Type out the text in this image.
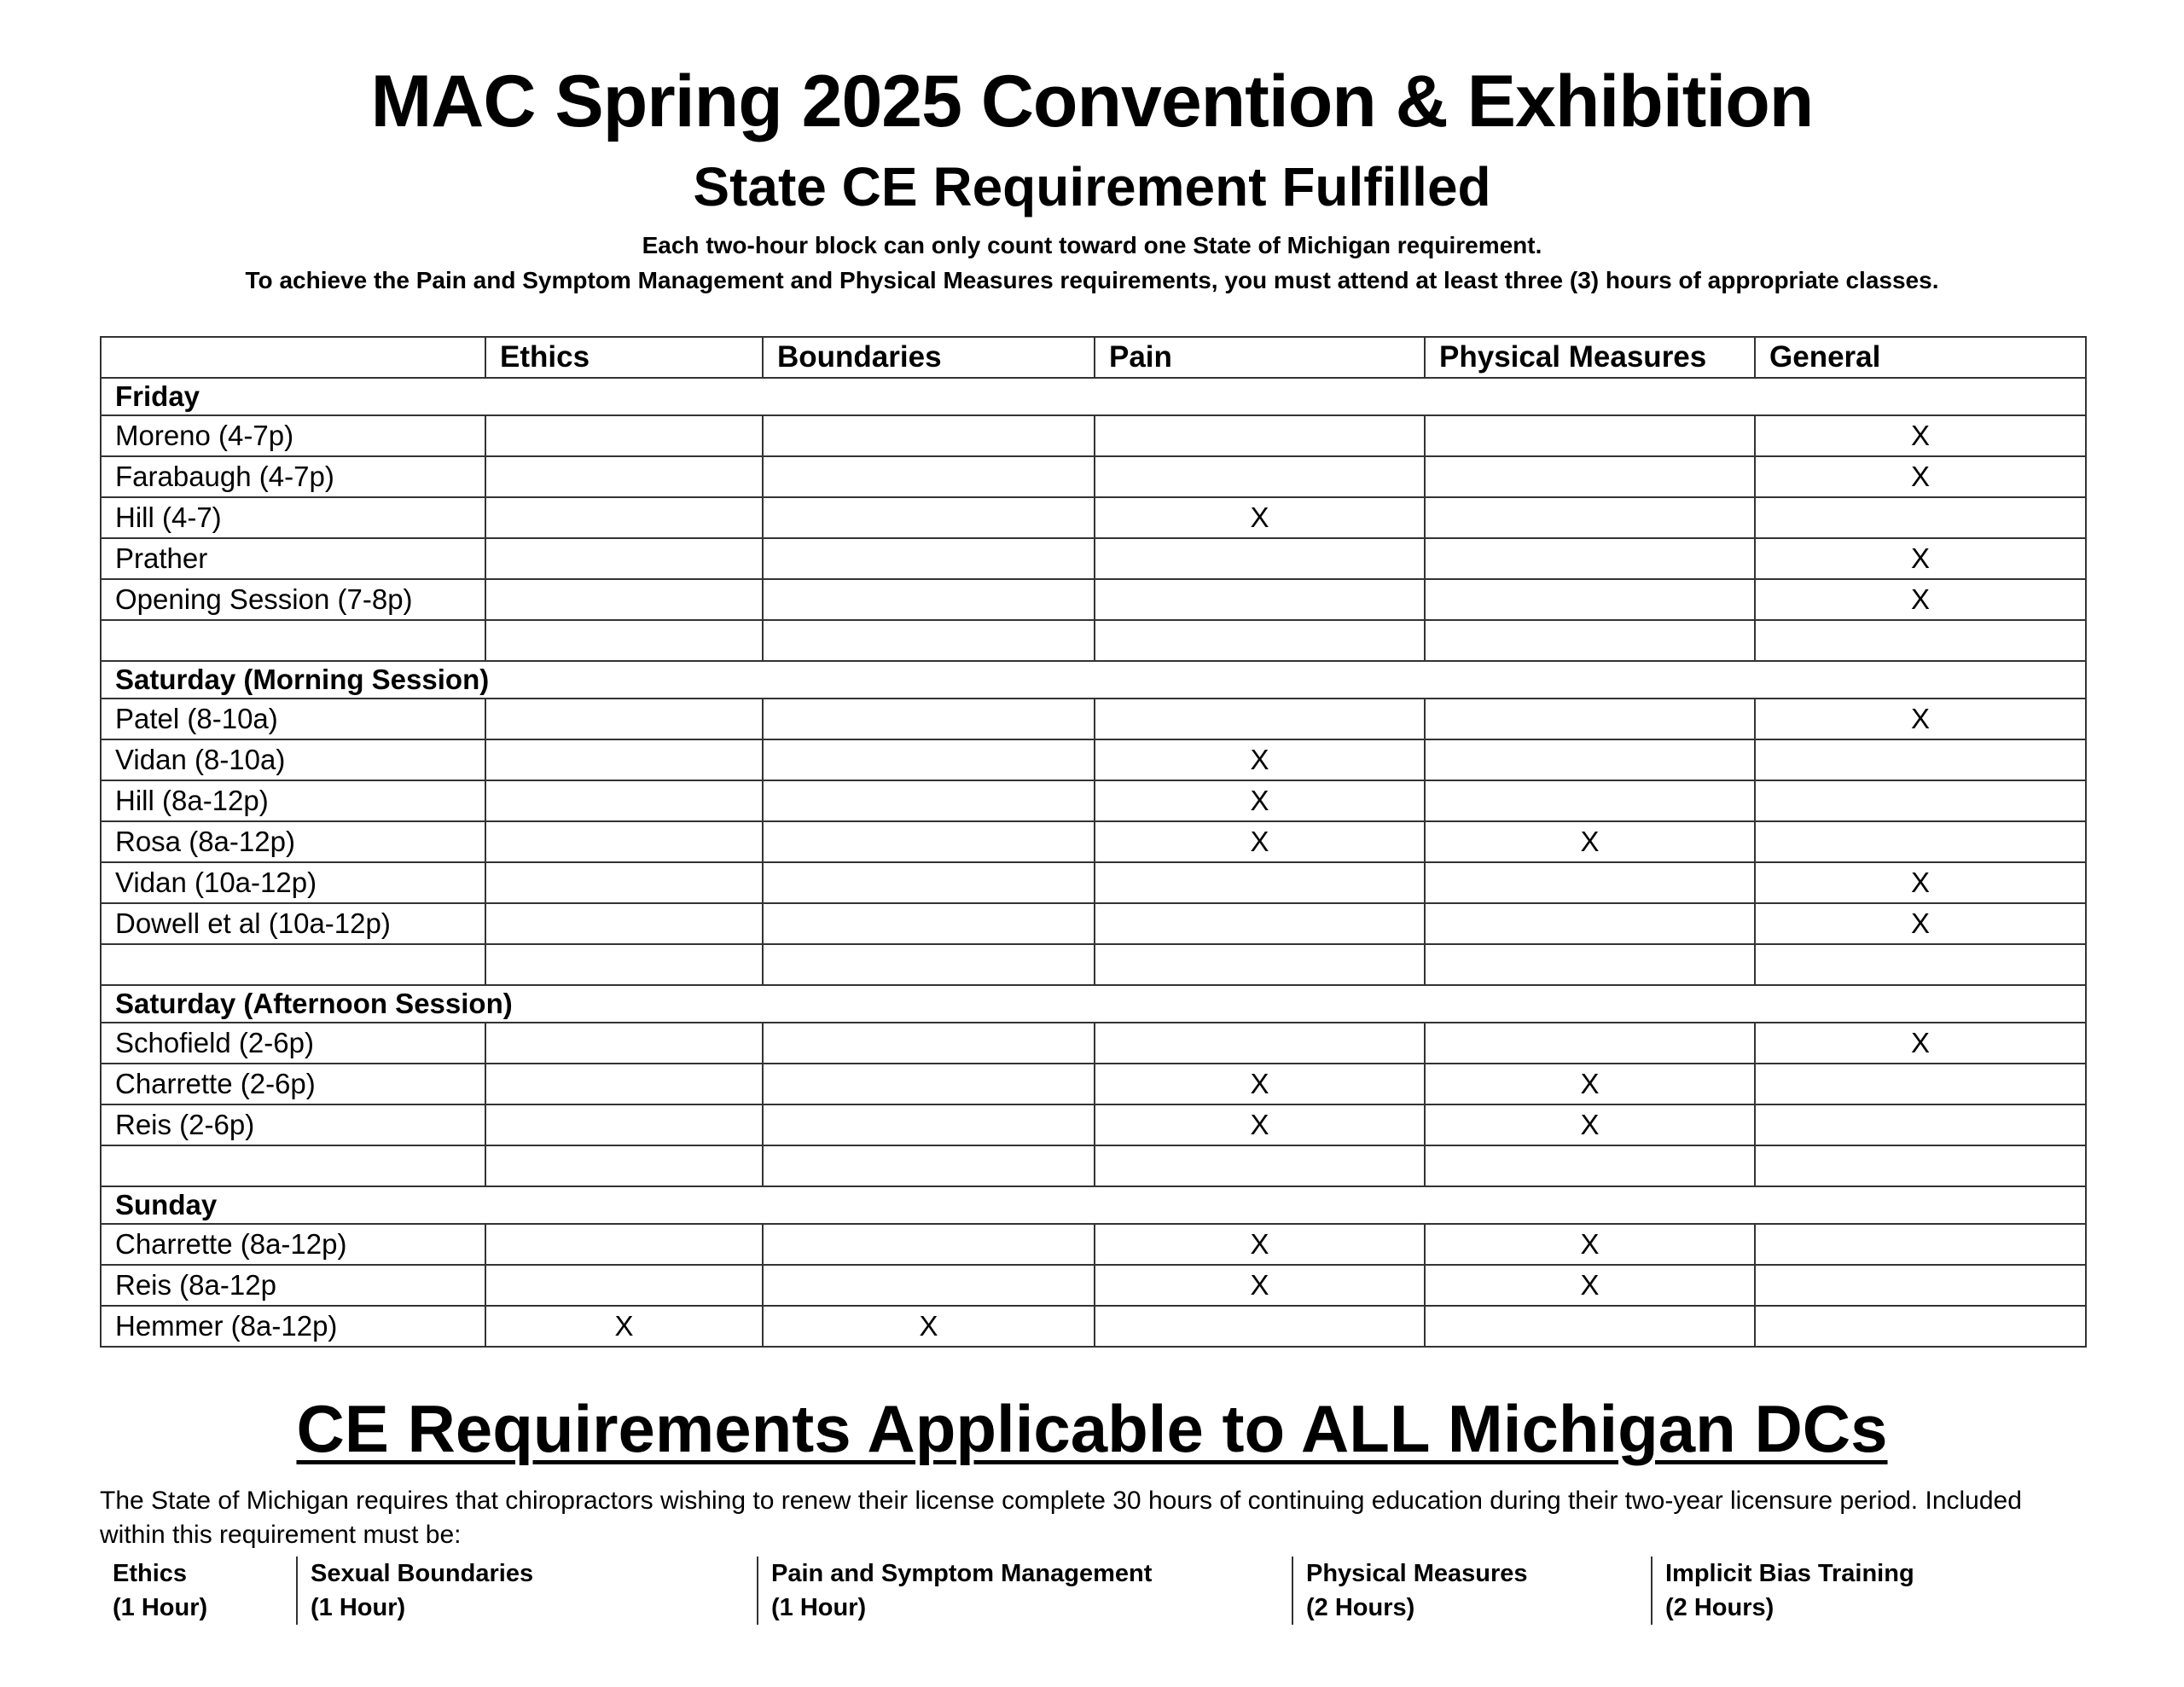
MAC Spring 2025 Convention & Exhibition
State CE Requirement Fulfilled
Each two-hour block can only count toward one State of Michigan requirement.
To achieve the Pain and Symptom Management and Physical Measures requirements, you must attend at least three (3) hours of appropriate classes.
	Ethics	Boundaries	Pain	Physical Measures	General
Friday					
Moreno (4-7p)					X
Farabaugh (4-7p)					X
Hill (4-7)			X		
Prather					X
Opening Session (7-8p)					X

Saturday (Morning Session)					
Patel (8-10a)					X
Vidan (8-10a)			X		
Hill (8a-12p)			X		
Rosa (8a-12p)			X	X	
Vidan (10a-12p)					X
Dowell et al (10a-12p)					X

Saturday (Afternoon Session)					
Schofield (2-6p)					X
Charrette (2-6p)			X	X	
Reis (2-6p)			X	X	

Sunday					
Charrette (8a-12p)			X	X	
Reis (8a-12p			X	X	
Hemmer (8a-12p)	X	X			
CE Requirements Applicable to ALL Michigan DCs
The State of Michigan requires that chiropractors wishing to renew their license complete 30 hours of continuing education during their two-year licensure period. Included within this requirement must be:
Ethics
(1 Hour)
Sexual Boundaries
(1 Hour)
Pain and Symptom Management
(1 Hour)
Physical Measures
(2 Hours)
Implicit Bias Training
(2 Hours)
